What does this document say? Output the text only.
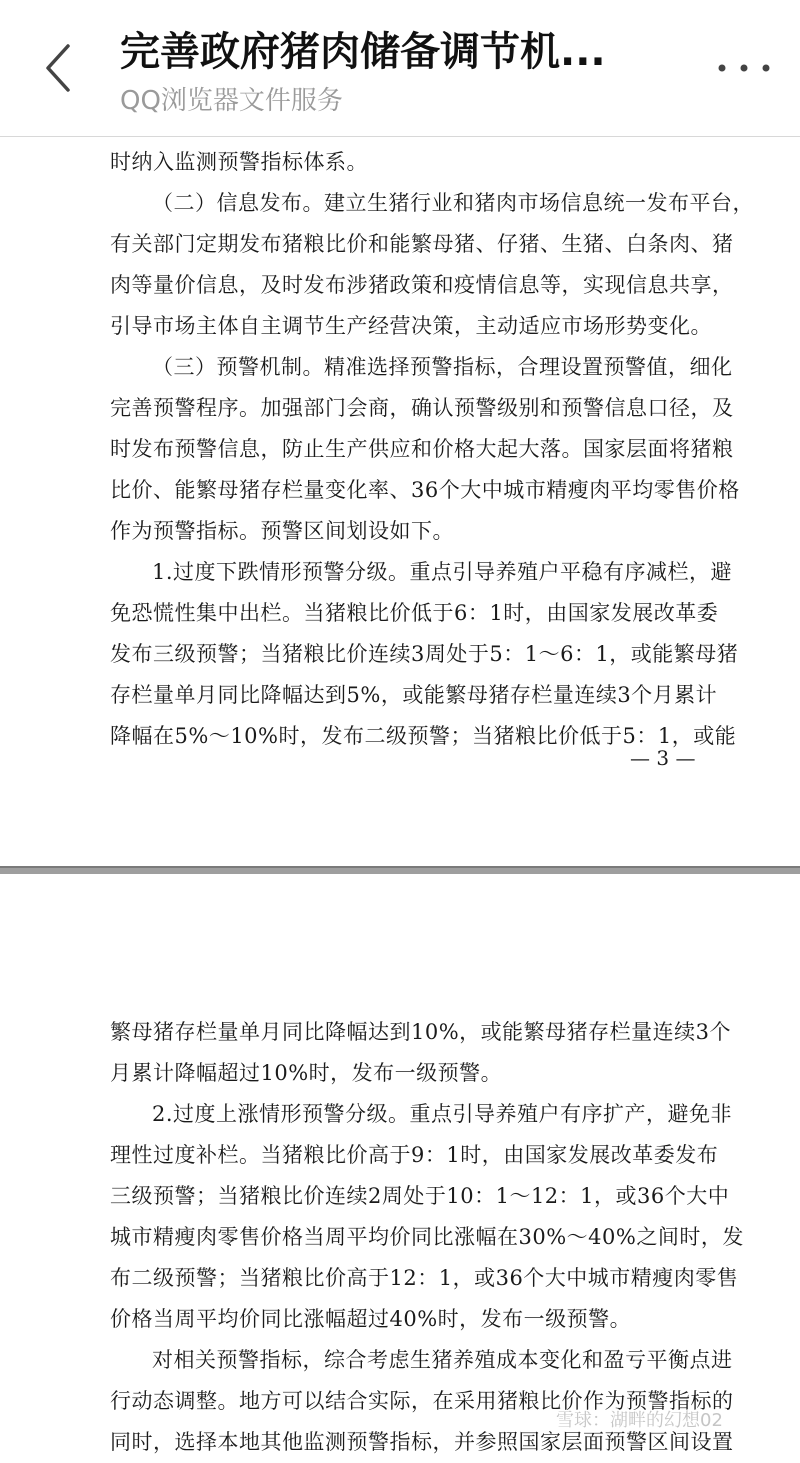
完善政府猪肉储备调节机...
QQ浏览器文件服务
时纳入监测预警指标体系。
（二）信息发布。建立生猪行业和猪肉市场信息统一发布平台，
有关部门定期发布猪粮比价和能繁母猪、仔猪、生猪、白条肉、猪
肉等量价信息，及时发布涉猪政策和疫情信息等，实现信息共享，
引导市场主体自主调节生产经营决策，主动适应市场形势变化。
（三）预警机制。精准选择预警指标，合理设置预警值，细化
完善预警程序。加强部门会商，确认预警级别和预警信息口径，及
时发布预警信息，防止生产供应和价格大起大落。国家层面将猪粮
比价、能繁母猪存栏量变化率、36个大中城市精瘦肉平均零售价格
作为预警指标。预警区间划设如下。
1.过度下跌情形预警分级。重点引导养殖户平稳有序减栏，避
免恐慌性集中出栏。当猪粮比价低于6：1时，由国家发展改革委
发布三级预警；当猪粮比价连续3周处于5：1～6：1，或能繁母猪
存栏量单月同比降幅达到5%，或能繁母猪存栏量连续3个月累计
降幅在5%～10%时，发布二级预警；当猪粮比价低于5：1，或能
— 3 —
繁母猪存栏量单月同比降幅达到10%，或能繁母猪存栏量连续3个
月累计降幅超过10%时，发布一级预警。
2.过度上涨情形预警分级。重点引导养殖户有序扩产，避免非
理性过度补栏。当猪粮比价高于9：1时，由国家发展改革委发布
三级预警；当猪粮比价连续2周处于10：1～12：1，或36个大中
城市精瘦肉零售价格当周平均价同比涨幅在30%～40%之间时，发
布二级预警；当猪粮比价高于12：1，或36个大中城市精瘦肉零售
价格当周平均价同比涨幅超过40%时，发布一级预警。
对相关预警指标，综合考虑生猪养殖成本变化和盈亏平衡点进
行动态调整。地方可以结合实际，在采用猪粮比价作为预警指标的
同时，选择本地其他监测预警指标，并参照国家层面预警区间设置
雪球：湖畔的幻想02
